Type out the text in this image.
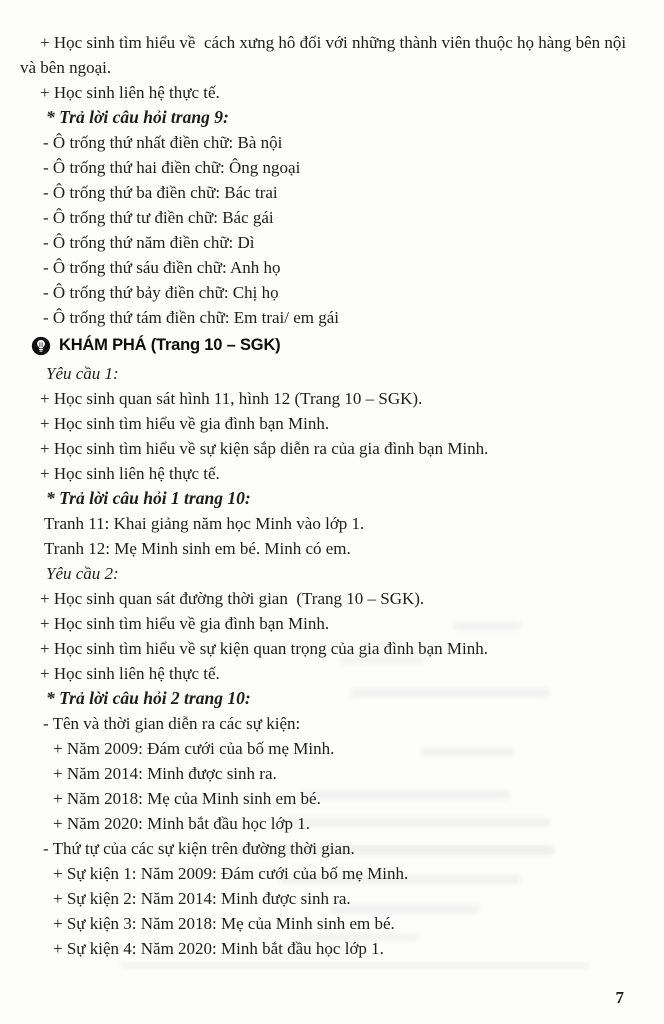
+ Học sinh tìm hiểu về  cách xưng hô đối với những thành viên thuộc họ hàng bên nội và bên ngoại.
+ Học sinh liên hệ thực tế.
* Trả lời câu hỏi trang 9:
- Ô trống thứ nhất điền chữ: Bà nội
- Ô trống thứ hai điền chữ: Ông ngoại
- Ô trống thứ ba điền chữ: Bác trai
- Ô trống thứ tư điền chữ: Bác gái
- Ô trống thứ năm điền chữ: Dì
- Ô trống thứ sáu điền chữ: Anh họ
- Ô trống thứ bảy điền chữ: Chị họ
- Ô trống thứ tám điền chữ: Em trai/ em gái
KHÁM PHÁ (Trang 10 – SGK)
Yêu cầu 1:
+ Học sinh quan sát hình 11, hình 12 (Trang 10 – SGK).
+ Học sinh tìm hiểu về gia đình bạn Minh.
+ Học sinh tìm hiểu về sự kiện sắp diễn ra của gia đình bạn Minh.
+ Học sinh liên hệ thực tế.
* Trả lời câu hỏi 1 trang 10:
Tranh 11: Khai giảng năm học Minh vào lớp 1.
Tranh 12: Mẹ Minh sinh em bé. Minh có em.
Yêu cầu 2:
+ Học sinh quan sát đường thời gian  (Trang 10 – SGK).
+ Học sinh tìm hiểu về gia đình bạn Minh.
+ Học sinh tìm hiểu về sự kiện quan trọng của gia đình bạn Minh.
+ Học sinh liên hệ thực tế.
* Trả lời câu hỏi 2 trang 10:
- Tên và thời gian diễn ra các sự kiện:
+ Năm 2009: Đám cưới của bố mẹ Minh.
+ Năm 2014: Minh được sinh ra.
+ Năm 2018: Mẹ của Minh sinh em bé.
+ Năm 2020: Minh bắt đầu học lớp 1.
- Thứ tự của các sự kiện trên đường thời gian.
+ Sự kiện 1: Năm 2009: Đám cưới của bố mẹ Minh.
+ Sự kiện 2: Năm 2014: Minh được sinh ra.
+ Sự kiện 3: Năm 2018: Mẹ của Minh sinh em bé.
+ Sự kiện 4: Năm 2020: Minh bắt đầu học lớp 1.
7
